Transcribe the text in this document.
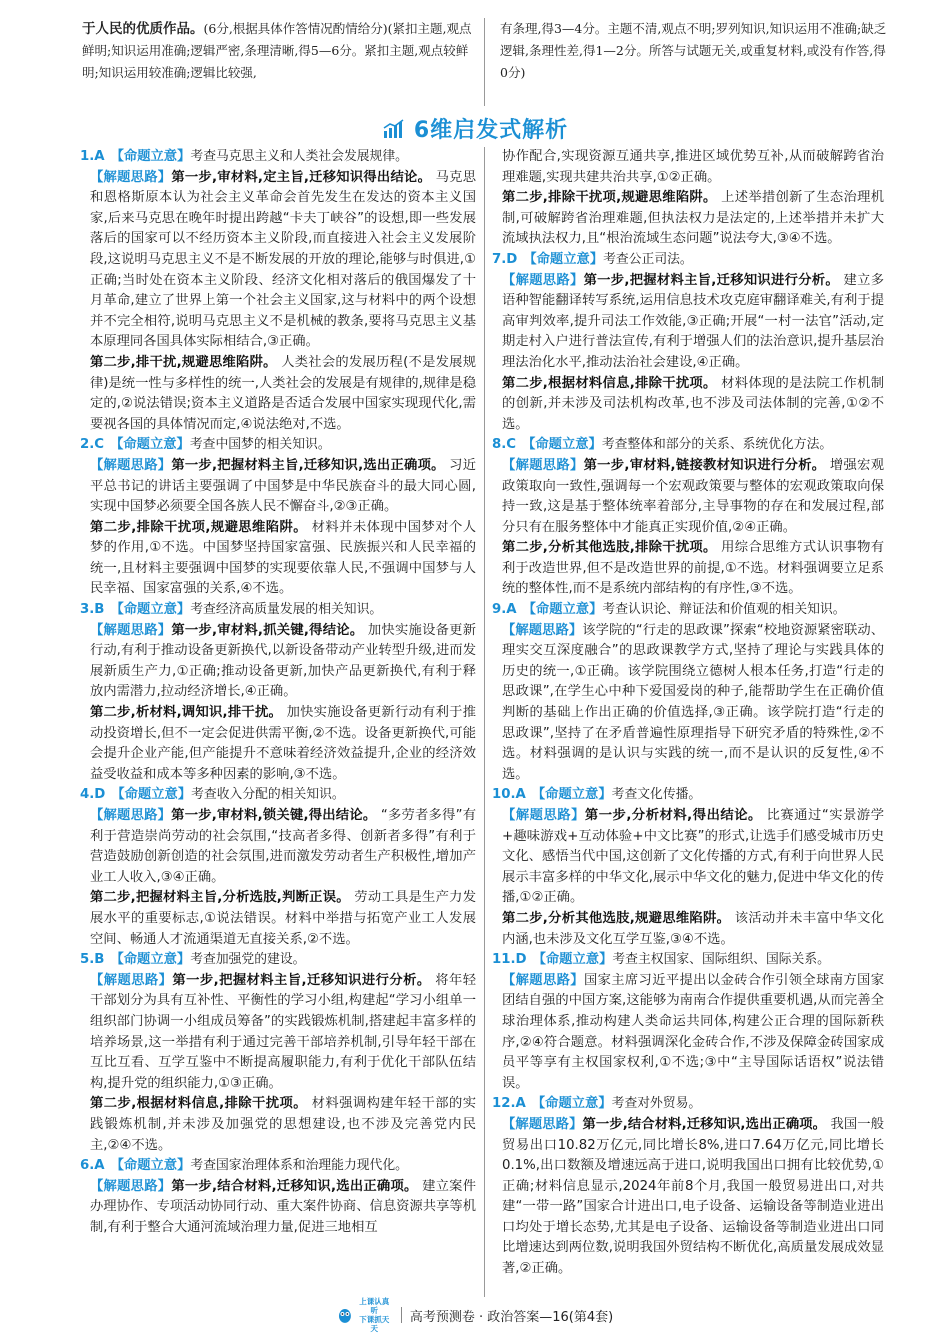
于人民的优质作品。(6分,根据具体作答情况酌情给分)(紧扣主题,观点鲜明;知识运用准确;逻辑严密,条理清晰,得5—6分。紧扣主题,观点较鲜明;知识运用较准确;逻辑比较强,
有条理,得3—4分。主题不清,观点不明;罗列知识,知识运用不准确;缺乏逻辑,条理性差,得1—2分。所答与试题无关,或重复材料,或没有作答,得0分)
6维启发式解析
1.A 【命题立意】考查马克思主义和人类社会发展规律。
【解题思路】第一步,审材料,定主旨,迁移知识得出结论。 马克思和恩格斯原本认为社会主义革命会首先发生在发达的资本主义国家,后来马克思在晚年时提出跨越“卡夫丁峡谷”的设想,即一些发展落后的国家可以不经历资本主义阶段,而直接进入社会主义发展阶段,这说明马克思主义不是不断发展的开放的理论,能够与时俱进,①正确;当时处在资本主义阶段、经济文化相对落后的俄国爆发了十月革命,建立了世界上第一个社会主义国家,这与材料中的两个设想并不完全相符,说明马克思主义不是机械的教条,要将马克思主义基本原理同各国具体实际相结合,③正确。
第二步,排干扰,规避思维陷阱。 人类社会的发展历程(不是发展规律)是统一性与多样性的统一,人类社会的发展是有规律的,规律是稳定的,②说法错误;资本主义道路是否适合发展中国家实现现代化,需要视各国的具体情况而定,④说法绝对,不选。
2.C 【命题立意】考查中国梦的相关知识。
【解题思路】第一步,把握材料主旨,迁移知识,选出正确项。 习近平总书记的讲话主要强调了中国梦是中华民族奋斗的最大同心圆,实现中国梦必须要全国各族人民不懈奋斗,②③正确。
第二步,排除干扰项,规避思维陷阱。 材料并未体现中国梦对个人梦的作用,①不选。中国梦坚持国家富强、民族振兴和人民幸福的统一,且材料主要强调中国梦的实现要依靠人民,不强调中国梦与人民幸福、国家富强的关系,④不选。
3.B 【命题立意】考查经济高质量发展的相关知识。
【解题思路】第一步,审材料,抓关键,得结论。 加快实施设备更新行动,有利于推动设备更新换代,以新设备带动产业转型升级,进而发展新质生产力,①正确;推动设备更新,加快产品更新换代,有利于释放内需潜力,拉动经济增长,④正确。
第二步,析材料,调知识,排干扰。 加快实施设备更新行动有利于推动投资增长,但不一定会促进供需平衡,②不选。设备更新换代,可能会提升企业产能,但产能提升不意味着经济效益提升,企业的经济效益受收益和成本等多种因素的影响,③不选。
4.D 【命题立意】考查收入分配的相关知识。
【解题思路】第一步,审材料,锁关键,得出结论。 “多劳者多得”有利于营造崇尚劳动的社会氛围,“技高者多得、创新者多得”有利于营造鼓励创新创造的社会氛围,进而激发劳动者生产积极性,增加产业工人收入,③④正确。
第二步,把握材料主旨,分析选肢,判断正误。 劳动工具是生产力发展水平的重要标志,①说法错误。材料中举措与拓宽产业工人发展空间、畅通人才流通渠道无直接关系,②不选。
5.B 【命题立意】考查加强党的建设。
【解题思路】第一步,把握材料主旨,迁移知识进行分析。 将年轻干部划分为具有互补性、平衡性的学习小组,构建起“学习小组单一组织部门协调一小组成员筹备”的实践锻炼机制,搭建起丰富多样的培养场景,这一举措有利于通过完善干部培养机制,引导年轻干部在互比互看、互学互鉴中不断提高履职能力,有利于优化干部队伍结构,提升党的组织能力,①③正确。
第二步,根据材料信息,排除干扰项。 材料强调构建年轻干部的实践锻炼机制,并未涉及加强党的思想建设,也不涉及完善党内民主,②④不选。
6.A 【命题立意】考查国家治理体系和治理能力现代化。
【解题思路】第一步,结合材料,迁移知识,选出正确项。 建立案件办理协作、专项活动协同行动、重大案件协商、信息资源共享等机制,有利于整合大通河流域治理力量,促进三地相互
协作配合,实现资源互通共享,推进区域优势互补,从而破解跨省治理难题,实现共建共治共享,①②正确。
第二步,排除干扰项,规避思维陷阱。 上述举措创新了生态治理机制,可破解跨省治理难题,但执法权力是法定的,上述举措并未扩大流域执法权力,且“根治流域生态问题”说法夸大,③④不选。
7.D 【命题立意】考查公正司法。
【解题思路】第一步,把握材料主旨,迁移知识进行分析。 建立多语种智能翻译转写系统,运用信息技术攻克庭审翻译难关,有利于提高审判效率,提升司法工作效能,③正确;开展“一村一法官”活动,定期走村入户进行普法宣传,有利于增强人们的法治意识,提升基层治理法治化水平,推动法治社会建设,④正确。
第二步,根据材料信息,排除干扰项。 材料体现的是法院工作机制的创新,并未涉及司法机构改革,也不涉及司法体制的完善,①②不选。
8.C 【命题立意】考查整体和部分的关系、系统优化方法。
【解题思路】第一步,审材料,链接教材知识进行分析。 增强宏观政策取向一致性,强调每一个宏观政策要与整体的宏观政策取向保持一致,这是基于整体统率着部分,主导事物的存在和发展过程,部分只有在服务整体中才能真正实现价值,②④正确。
第二步,分析其他选肢,排除干扰项。 用综合思维方式认识事物有利于改造世界,但不是改造世界的前提,①不选。材料强调要立足系统的整体性,而不是系统内部结构的有序性,③不选。
9.A 【命题立意】考查认识论、辩证法和价值观的相关知识。
【解题思路】该学院的“行走的思政课”探索“校地资源紧密联动、理实交互深度融合”的思政课教学方式,坚持了理论与实践具体的历史的统一,①正确。该学院围绕立德树人根本任务,打造“行走的思政课”,在学生心中种下爱国爱岗的种子,能帮助学生在正确价值判断的基础上作出正确的价值选择,③正确。该学院打造“行走的思政课”,坚持了在矛盾普遍性原理指导下研究矛盾的特殊性,②不选。材料强调的是认识与实践的统一,而不是认识的反复性,④不选。
10.A 【命题立意】考查文化传播。
【解题思路】第一步,分析材料,得出结论。 比赛通过“实景游学+趣味游戏+互动体验+中文比赛”的形式,让选手们感受城市历史文化、感悟当代中国,这创新了文化传播的方式,有利于向世界人民展示丰富多样的中华文化,展示中华文化的魅力,促进中华文化的传播,①②正确。
第二步,分析其他选肢,规避思维陷阱。 该活动并未丰富中华文化内涵,也未涉及文化互学互鉴,③④不选。
11.D 【命题立意】考查主权国家、国际组织、国际关系。
【解题思路】国家主席习近平提出以金砖合作引领全球南方国家团结自强的中国方案,这能够为南南合作提供重要机遇,从而完善全球治理体系,推动构建人类命运共同体,构建公正合理的国际新秩序,②④符合题意。材料强调深化金砖合作,不涉及保障金砖国家成员平等享有主权国家权利,①不选;③中“主导国际话语权”说法错误。
12.A 【命题立意】考查对外贸易。
【解题思路】第一步,结合材料,迁移知识,选出正确项。 我国一般贸易出口10.82万亿元,同比增长8%,进口7.64万亿元,同比增长0.1%,出口数额及增速远高于进口,说明我国出口拥有比较优势,①正确;材料信息显示,2024年前8个月,我国一般贸易进出口,对共建“一带一路”国家合计进出口,电子设备、运输设备等制造业进出口均处于增长态势,尤其是电子设备、运输设备等制造业进出口同比增速达到两位数,说明我国外贸结构不断优化,高质量发展成效显著,②正确。
上课认真听
下课抓天天
高考预测卷 · 政治答案—16(第4套)
